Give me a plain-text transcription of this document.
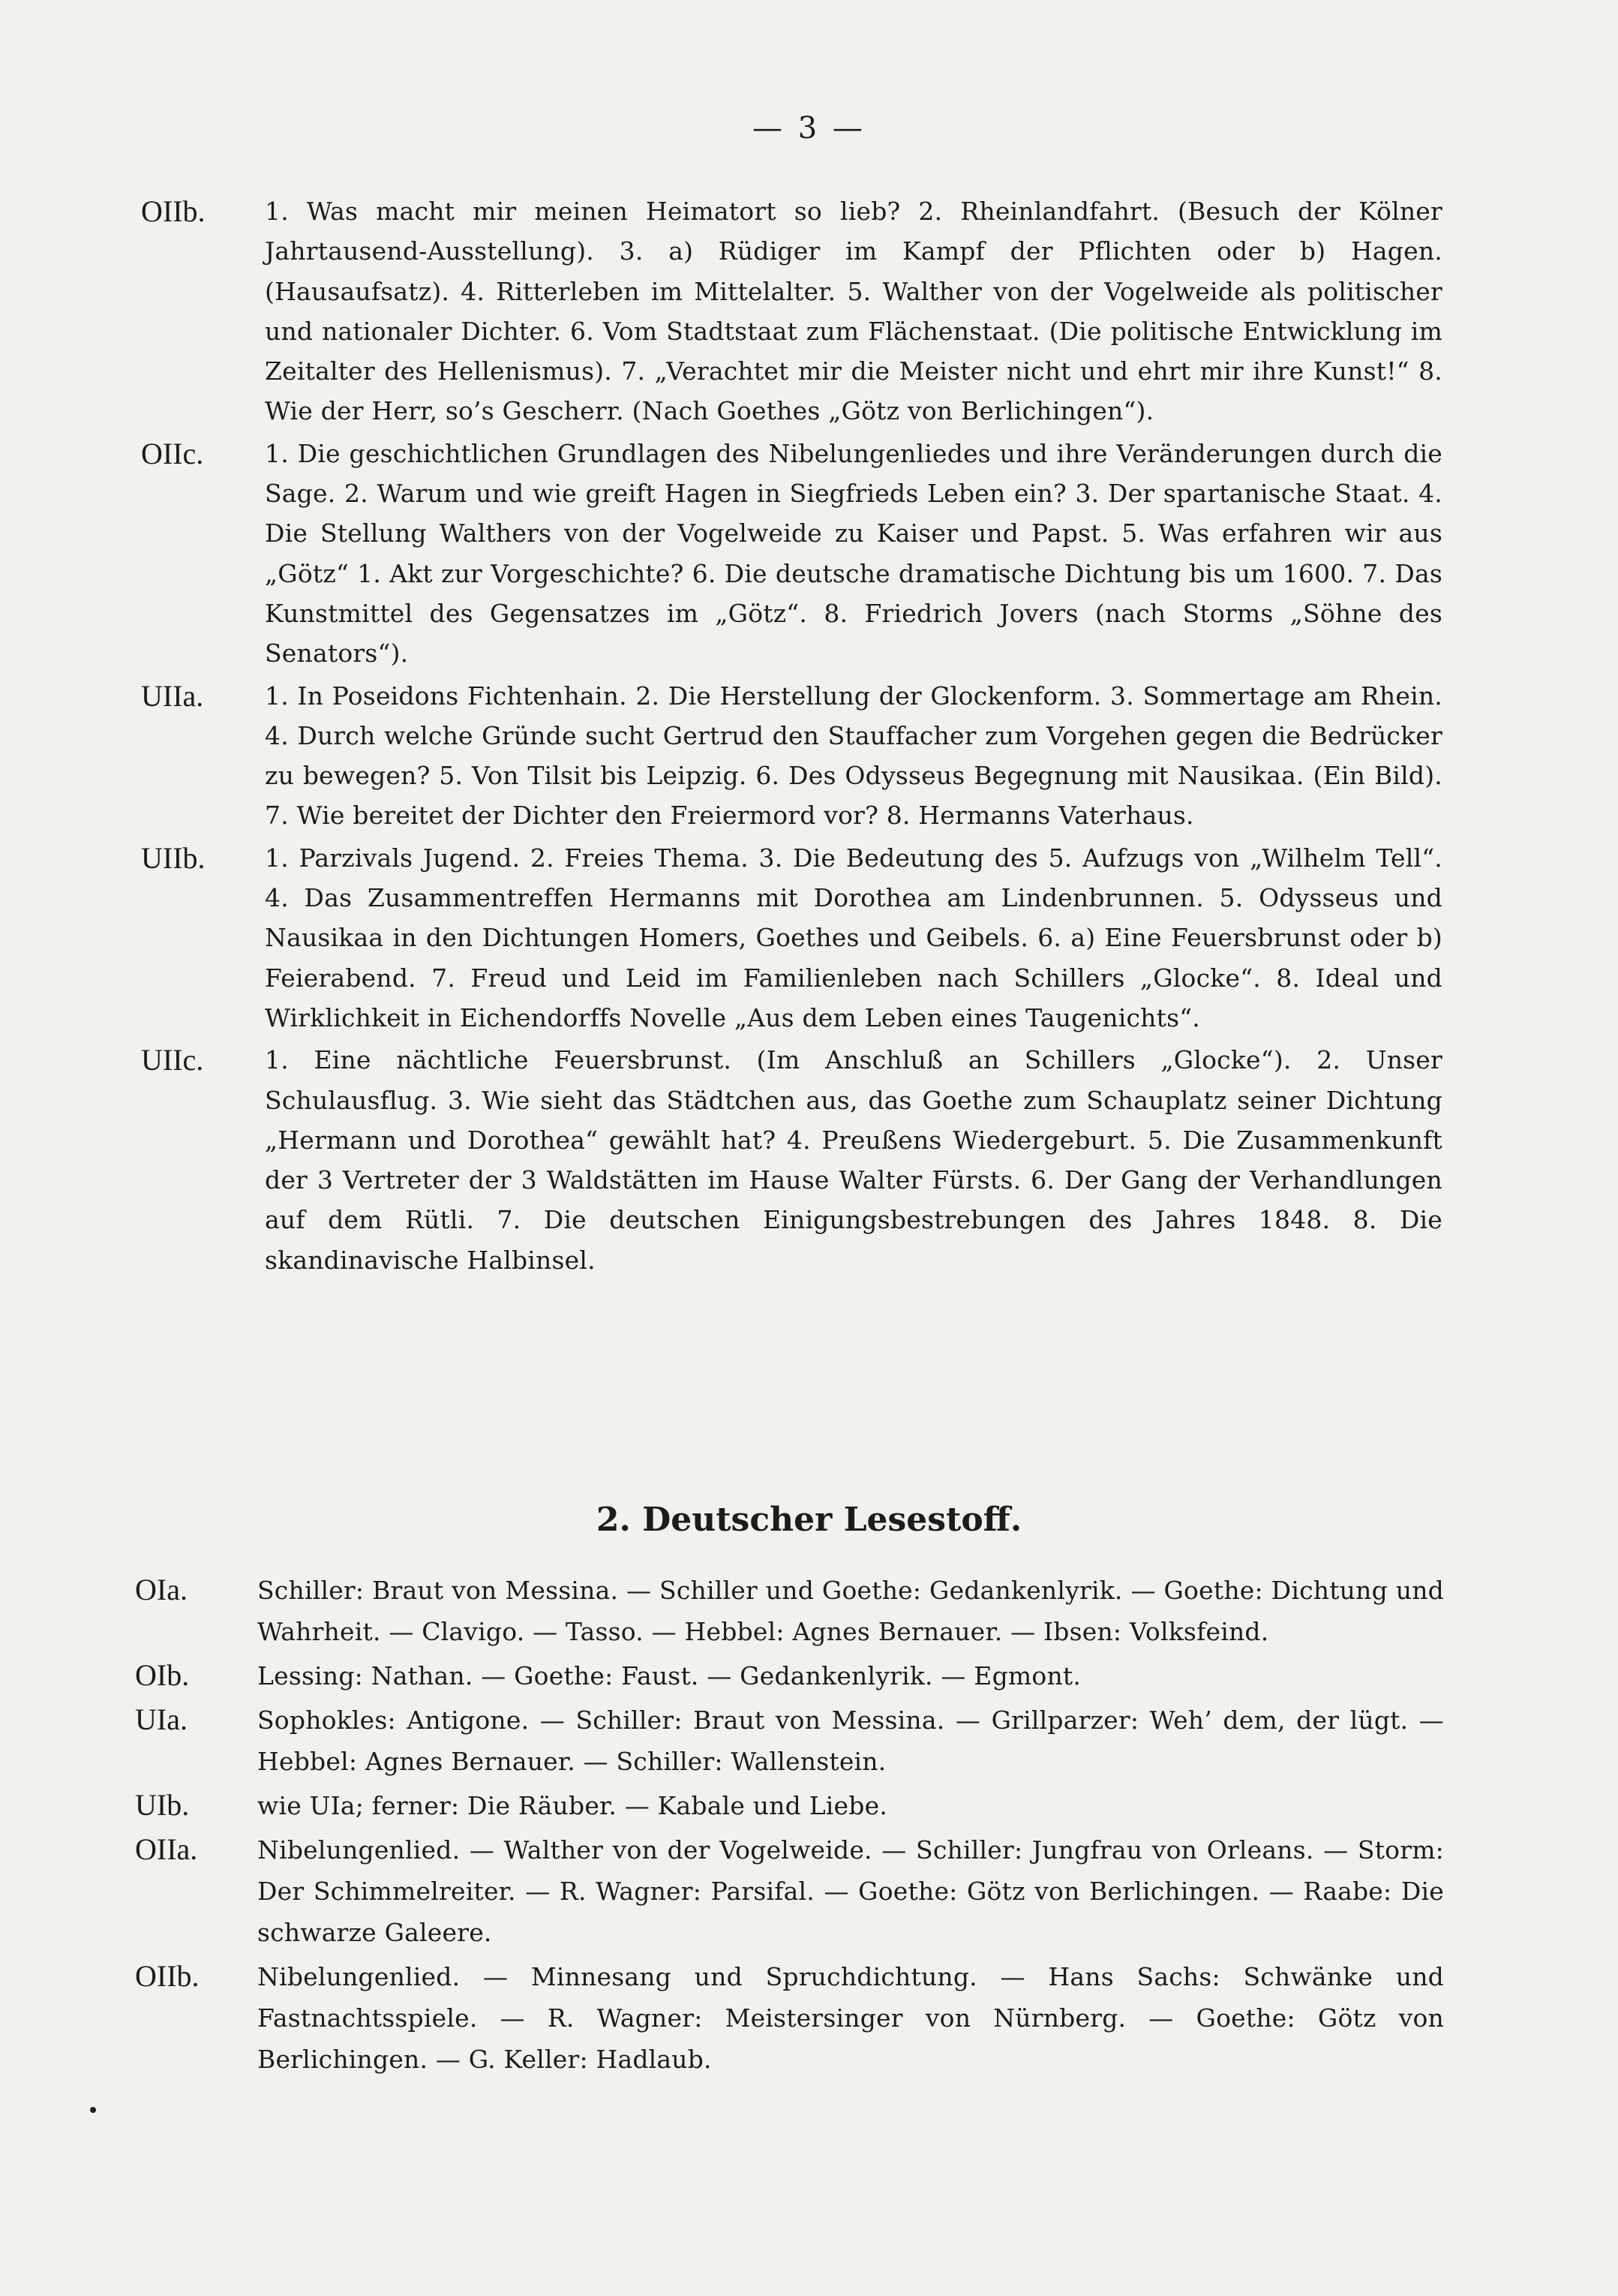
— 3 —
OIIb.	1. Was macht mir meinen Heimatort so lieb? 2. Rheinlandfahrt. (Besuch der Kölner Jahrtausend-Ausstellung). 3. a) Rüdiger im Kampf der Pflichten oder b) Hagen. (Hausaufsatz). 4. Ritterleben im Mittelalter. 5. Walther von der Vogelweide als politischer und nationaler Dichter. 6. Vom Stadtstaat zum Flächenstaat. (Die politische Entwicklung im Zeitalter des Hellenismus). 7. „Verachtet mir die Meister nicht und ehrt mir ihre Kunst!“ 8. Wie der Herr, so’s Gescherr. (Nach Goethes „Götz von Berlichingen“).
OIIc.	1. Die geschichtlichen Grundlagen des Nibelungenliedes und ihre Veränderungen durch die Sage. 2. Warum und wie greift Hagen in Siegfrieds Leben ein? 3. Der spartanische Staat. 4. Die Stellung Walthers von der Vogelweide zu Kaiser und Papst. 5. Was erfahren wir aus „Götz“ 1. Akt zur Vorgeschichte? 6. Die deutsche dramatische Dichtung bis um 1600. 7. Das Kunstmittel des Gegensatzes im „Götz“. 8. Friedrich Jovers (nach Storms „Söhne des Senators“).
UIIa.	1. In Poseidons Fichtenhain. 2. Die Herstellung der Glockenform. 3. Sommertage am Rhein. 4. Durch welche Gründe sucht Gertrud den Stauffacher zum Vorgehen gegen die Bedrücker zu bewegen? 5. Von Tilsit bis Leipzig. 6. Des Odysseus Begegnung mit Nausikaa. (Ein Bild). 7. Wie bereitet der Dichter den Freiermord vor? 8. Hermanns Vaterhaus.
UIIb.	1. Parzivals Jugend. 2. Freies Thema. 3. Die Bedeutung des 5. Aufzugs von „Wilhelm Tell“. 4. Das Zusammentreffen Hermanns mit Dorothea am Lindenbrunnen. 5. Odysseus und Nausikaa in den Dichtungen Homers, Goethes und Geibels. 6. a) Eine Feuersbrunst oder b) Feierabend. 7. Freud und Leid im Familienleben nach Schillers „Glocke“. 8. Ideal und Wirklichkeit in Eichendorffs Novelle „Aus dem Leben eines Taugenichts“.
UIIc.	1. Eine nächtliche Feuersbrunst. (Im Anschluß an Schillers „Glocke“). 2. Unser Schulausflug. 3. Wie sieht das Städtchen aus, das Goethe zum Schauplatz seiner Dichtung „Hermann und Dorothea“ gewählt hat? 4. Preußens Wiedergeburt. 5. Die Zusammenkunft der 3 Vertreter der 3 Waldstätten im Hause Walter Fürsts. 6. Der Gang der Verhandlungen auf dem Rütli. 7. Die deutschen Einigungsbestrebungen des Jahres 1848. 8. Die skandinavische Halbinsel.
2. Deutscher Lesestoff.
OIa.	Schiller: Braut von Messina. — Schiller und Goethe: Gedankenlyrik. — Goethe: Dichtung und Wahrheit. — Clavigo. — Tasso. — Hebbel: Agnes Bernauer. — Ibsen: Volksfeind.
OIb.	Lessing: Nathan. — Goethe: Faust. — Gedankenlyrik. — Egmont.
UIa.	Sophokles: Antigone. — Schiller: Braut von Messina. — Grillparzer: Weh’ dem, der lügt. — Hebbel: Agnes Bernauer. — Schiller: Wallenstein.
UIb.	wie UIa; ferner: Die Räuber. — Kabale und Liebe.
OIIa.	Nibelungenlied. — Walther von der Vogelweide. — Schiller: Jungfrau von Orleans. — Storm: Der Schimmelreiter. — R. Wagner: Parsifal. — Goethe: Götz von Berlichingen. — Raabe: Die schwarze Galeere.
OIIb.	Nibelungenlied. — Minnesang und Spruchdichtung. — Hans Sachs: Schwänke und Fastnachtsspiele. — R. Wagner: Meistersinger von Nürnberg. — Goethe: Götz von Berlichingen. — G. Keller: Hadlaub.
